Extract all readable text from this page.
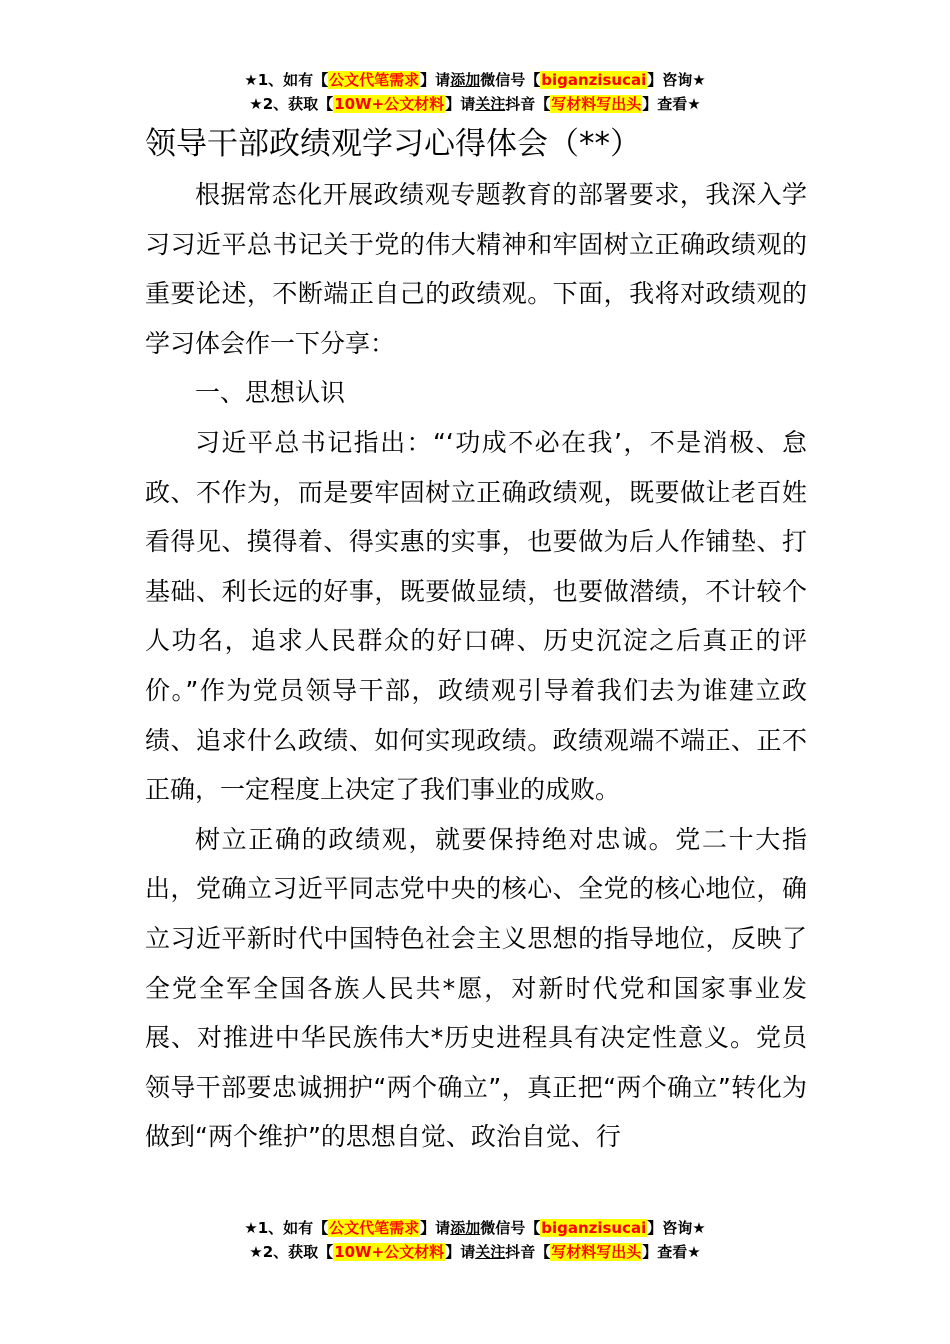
★1、如有【公文代笔需求】请添加微信号【biganzisucai】咨询★
★2、获取【10W+公文材料】请关注抖音【写材料写出头】查看★
领导干部政绩观学习心得体会（**）

根据常态化开展政绩观专题教育的部署要求，我深入学习习近平总书记关于党的伟大精神和牢固树立正确政绩观的重要论述，不断端正自己的政绩观。下面，我将对政绩观的学习体会作一下分享：

一、思想认识

习近平总书记指出：“‘功成不必在我’，不是消极、怠政、不作为，而是要牢固树立正确政绩观，既要做让老百姓看得见、摸得着、得实惠的实事，也要做为后人作铺垫、打基础、利长远的好事，既要做显绩，也要做潜绩，不计较个人功名，追求人民群众的好口碑、历史沉淀之后真正的评价。”作为党员领导干部，政绩观引导着我们去为谁建立政绩、追求什么政绩、如何实现政绩。政绩观端不端正、正不正确，一定程度上决定了我们事业的成败。

树立正确的政绩观，就要保持绝对忠诚。党二十大指出，党确立习近平同志党中央的核心、全党的核心地位，确立习近平新时代中国特色社会主义思想的指导地位，反映了全党全军全国各族人民共*愿，对新时代党和国家事业发展、对推进中华民族伟大*历史进程具有决定性意义。党员领导干部要忠诚拥护“两个确立”，真正把“两个确立”转化为做到“两个维护”的思想自觉、政治自觉、行

★1、如有【公文代笔需求】请添加微信号【biganzisucai】咨询★
★2、获取【10W+公文材料】请关注抖音【写材料写出头】查看★
